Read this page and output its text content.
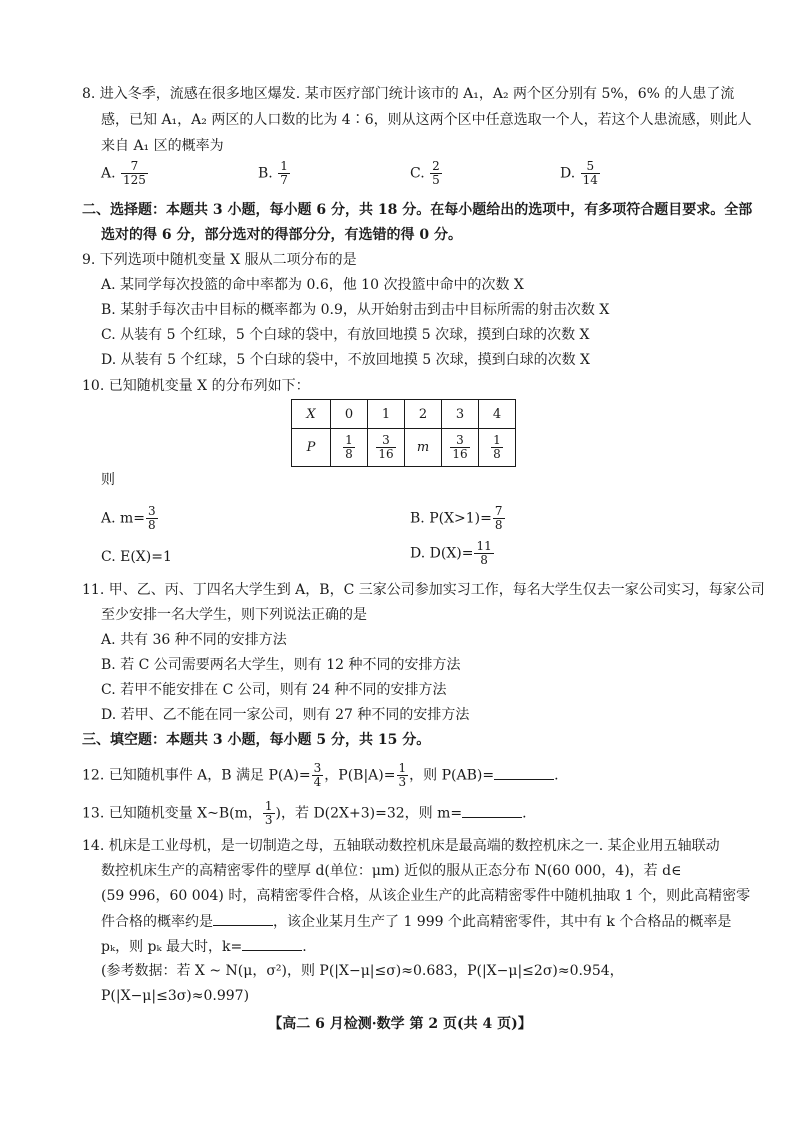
8. 进入冬季，流感在很多地区爆发. 某市医疗部门统计该市的 A₁，A₂ 两个区分别有 5%，6% 的人患了流
感，已知 A₁，A₂ 两区的人口数的比为 4∶6，则从这两个区中任意选取一个人，若这个人患流感，则此人
来自 A₁ 区的概率为
A. $\frac{7}{125}$	B. $\frac{1}{7}$	C. $\frac{2}{5}$	D. $\frac{5}{14}$
二、选择题：本题共 3 小题，每小题 6 分，共 18 分。在每小题给出的选项中，有多项符合题目要求。全部
选对的得 6 分，部分选对的得部分分，有选错的得 0 分。
9. 下列选项中随机变量 X 服从二项分布的是
A. 某同学每次投篮的命中率都为 0.6，他 10 次投篮中命中的次数 X
B. 某射手每次击中目标的概率都为 0.9，从开始射击到击中目标所需的射击次数 X
C. 从装有 5 个红球，5 个白球的袋中，有放回地摸 5 次球，摸到白球的次数 X
D. 从装有 5 个红球，5 个白球的袋中，不放回地摸 5 次球，摸到白球的次数 X
10. 已知随机变量 X 的分布列如下：
X	0	1	2	3	4
P	$\frac{1}{8}$	$\frac{3}{16}$	m	$\frac{3}{16}$	$\frac{1}{8}$
则
A. $m= \frac{3}{8}$	B. $P(X>1)= \frac{7}{8}$
C. E(X)=1	D. $D(X)= \frac{11}{8}$
11. 甲、乙、丙、丁四名大学生到 A，B，C 三家公司参加实习工作，每名大学生仅去一家公司实习，每家公司
至少安排一名大学生，则下列说法正确的是
A. 共有 36 种不同的安排方法
B. 若 C 公司需要两名大学生，则有 12 种不同的安排方法
C. 若甲不能安排在 C 公司，则有 24 种不同的安排方法
D. 若甲、乙不能在同一家公司，则有 27 种不同的安排方法
三、填空题：本题共 3 小题，每小题 5 分，共 15 分。
12. 已知随机事件 A，B 满足 $P(A)= \frac{3}{4}$ ，$P(B|A)= \frac{1}{3}$ ，则 P(AB)=	.
13. 已知随机变量 X~B(m， $\frac{1}{3}$ )，若 D(2X+3)=32，则 m=	.
14. 机床是工业母机，是一切制造之母，五轴联动数控机床是最高端的数控机床之一. 某企业用五轴联动
数控机床生产的高精密零件的壁厚 d(单位：μm) 近似的服从正态分布 N(60 000，4)，若 d∈
(59 996，60 004) 时，高精密零件合格，从该企业生产的此高精密零件中随机抽取 1 个，则此高精密零
件合格的概率约是	，该企业某月生产了 1 999 个此高精密零件，其中有 k 个合格品的概率是
pₖ，则 pₖ 最大时，k=	.
(参考数据：若 X ~ N(μ，σ²)，则 P(|X−μ|≤σ)≈0.683，P(|X−μ|≤2σ)≈0.954，
P(|X−μ|≤3σ)≈0.997)
【高二 6 月检测·数学 第 2 页(共 4 页)】
